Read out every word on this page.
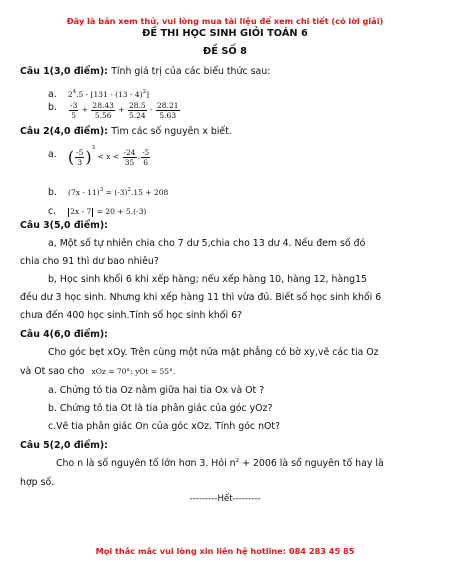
Đây là bản xem thử, vui lòng mua tài liệu để xem chi tiết (có lời giải)
ĐỀ THI HỌC SINH GIỎI TOÁN 6
ĐỀ SỐ 8
Câu 1(3,0 điểm): Tính giá trị của các biểu thức sau:
a. $2^4.5 - [131 - (13 - 4)^2]$
b. $\frac{-3}{5} + \frac{28.43}{5.56} + \frac{28.5}{5.24} - \frac{28.21}{5.63}$
Câu 2(4,0 điểm): Tìm các số nguyên x biết.
a. ( $\frac{-5}{3} )^3 < x < \frac{-24}{35}$ . $\frac{-5}{6}$
b. $(7x - 11)^3 = (-3)^2.15 + 208$
c. 2x - 7 = 20 + 5.(-3)
Câu 3(5,0 điểm):
a, Một số tự nhiên chia cho 7 dư 5,chia cho 13 dư 4. Nếu đem số đó
chia cho 91 thì dư bao nhiêu?
b, Học sinh khối 6 khi xếp hàng; nếu xếp hàng 10, hàng 12, hàng15
đều dư 3 học sinh. Nhưng khi xếp hàng 11 thì vừa đủ. Biết số học sinh khối 6
chưa đến 400 học sinh.Tính số học sinh khối 6?
Câu 4(6,0 điểm):
Cho góc bẹt xOy. Trên cùng một nửa mặt phẳng có bờ xy,vẽ các tia Oz
và Ot sao cho xOz = 70°; yOt = 55°.
a. Chứng tỏ tia Oz nằm giữa hai tia Ox và Ot ?
b. Chứng tỏ tia Ot là tia phân giác của góc yOz?
c.Vẽ tia phân giác On của góc xOz. Tính góc nOt?
Câu 5(2,0 điểm):
Cho n là số nguyên tố lớn hơn 3. Hỏi $n^2 + 2006$ là số nguyên tố hay là
hợp số.
---------Hết---------
Mọi thắc mắc vui lòng xin liên hệ hotline: 084 283 45 85
